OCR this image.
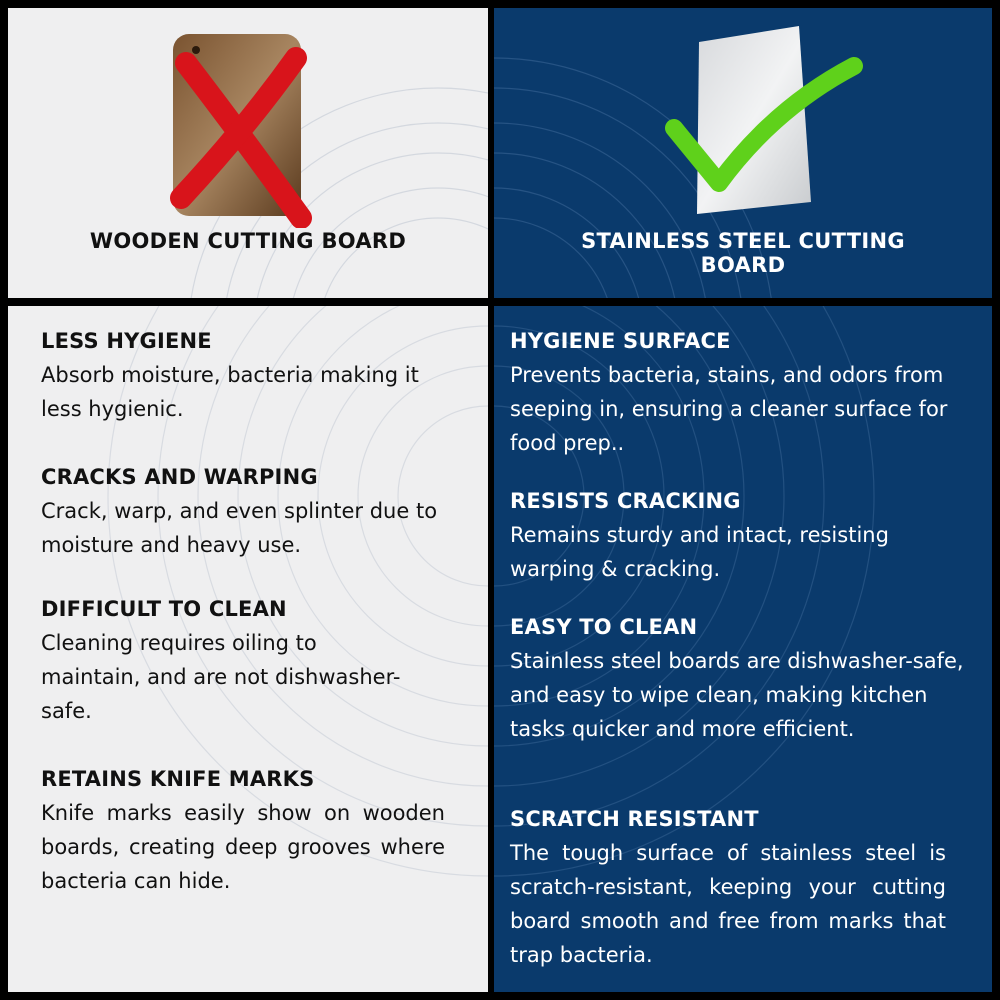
WOODEN CUTTING BOARD	STAINLESS STEEL CUTTING BOARD
LESS HYGIENE

Absorb moisture, bacteria making it less hygienic.

CRACKS AND WARPING

Crack, warp, and even splinter due to moisture and heavy use.

DIFFICULT TO CLEAN

Cleaning requires oiling to maintain, and are not dishwasher-safe.

RETAINS KNIFE MARKS

Knife marks easily show on wooden boards, creating deep grooves where bacteria can hide.

HYGIENE SURFACE

Prevents bacteria, stains, and odors from seeping in, ensuring a cleaner surface for food prep..

RESISTS CRACKING

Remains sturdy and intact, resisting warping & cracking.

EASY TO CLEAN

Stainless steel boards are dishwasher-safe, and easy to wipe clean, making kitchen tasks quicker and more efficient.

SCRATCH RESISTANT

The tough surface of stainless steel is scratch-resistant, keeping your cutting board smooth and free from marks that trap bacteria.
